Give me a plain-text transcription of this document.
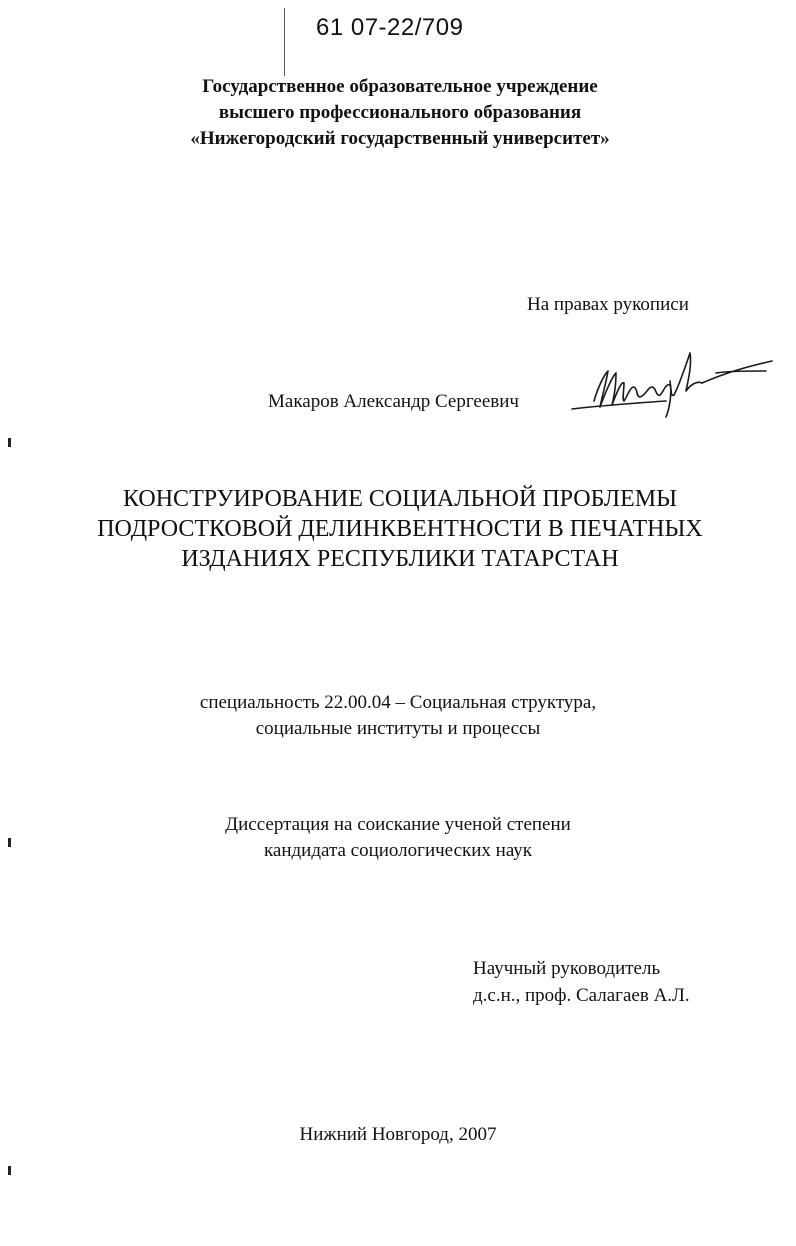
61 07-22/709
Государственное образовательное учреждение
высшего профессионального образования
«Нижегородский государственный университет»
На правах рукописи
Макаров Александр Сергеевич
КОНСТРУИРОВАНИЕ СОЦИАЛЬНОЙ ПРОБЛЕМЫ
ПОДРОСТКОВОЙ ДЕЛИНКВЕНТНОСТИ В ПЕЧАТНЫХ
ИЗДАНИЯХ РЕСПУБЛИКИ ТАТАРСТАН
специальность 22.00.04 – Социальная структура,
социальные институты и процессы
Диссертация на соискание ученой степени
кандидата социологических наук
Научный руководитель
д.с.н., проф. Салагаев А.Л.
Нижний Новгород, 2007
